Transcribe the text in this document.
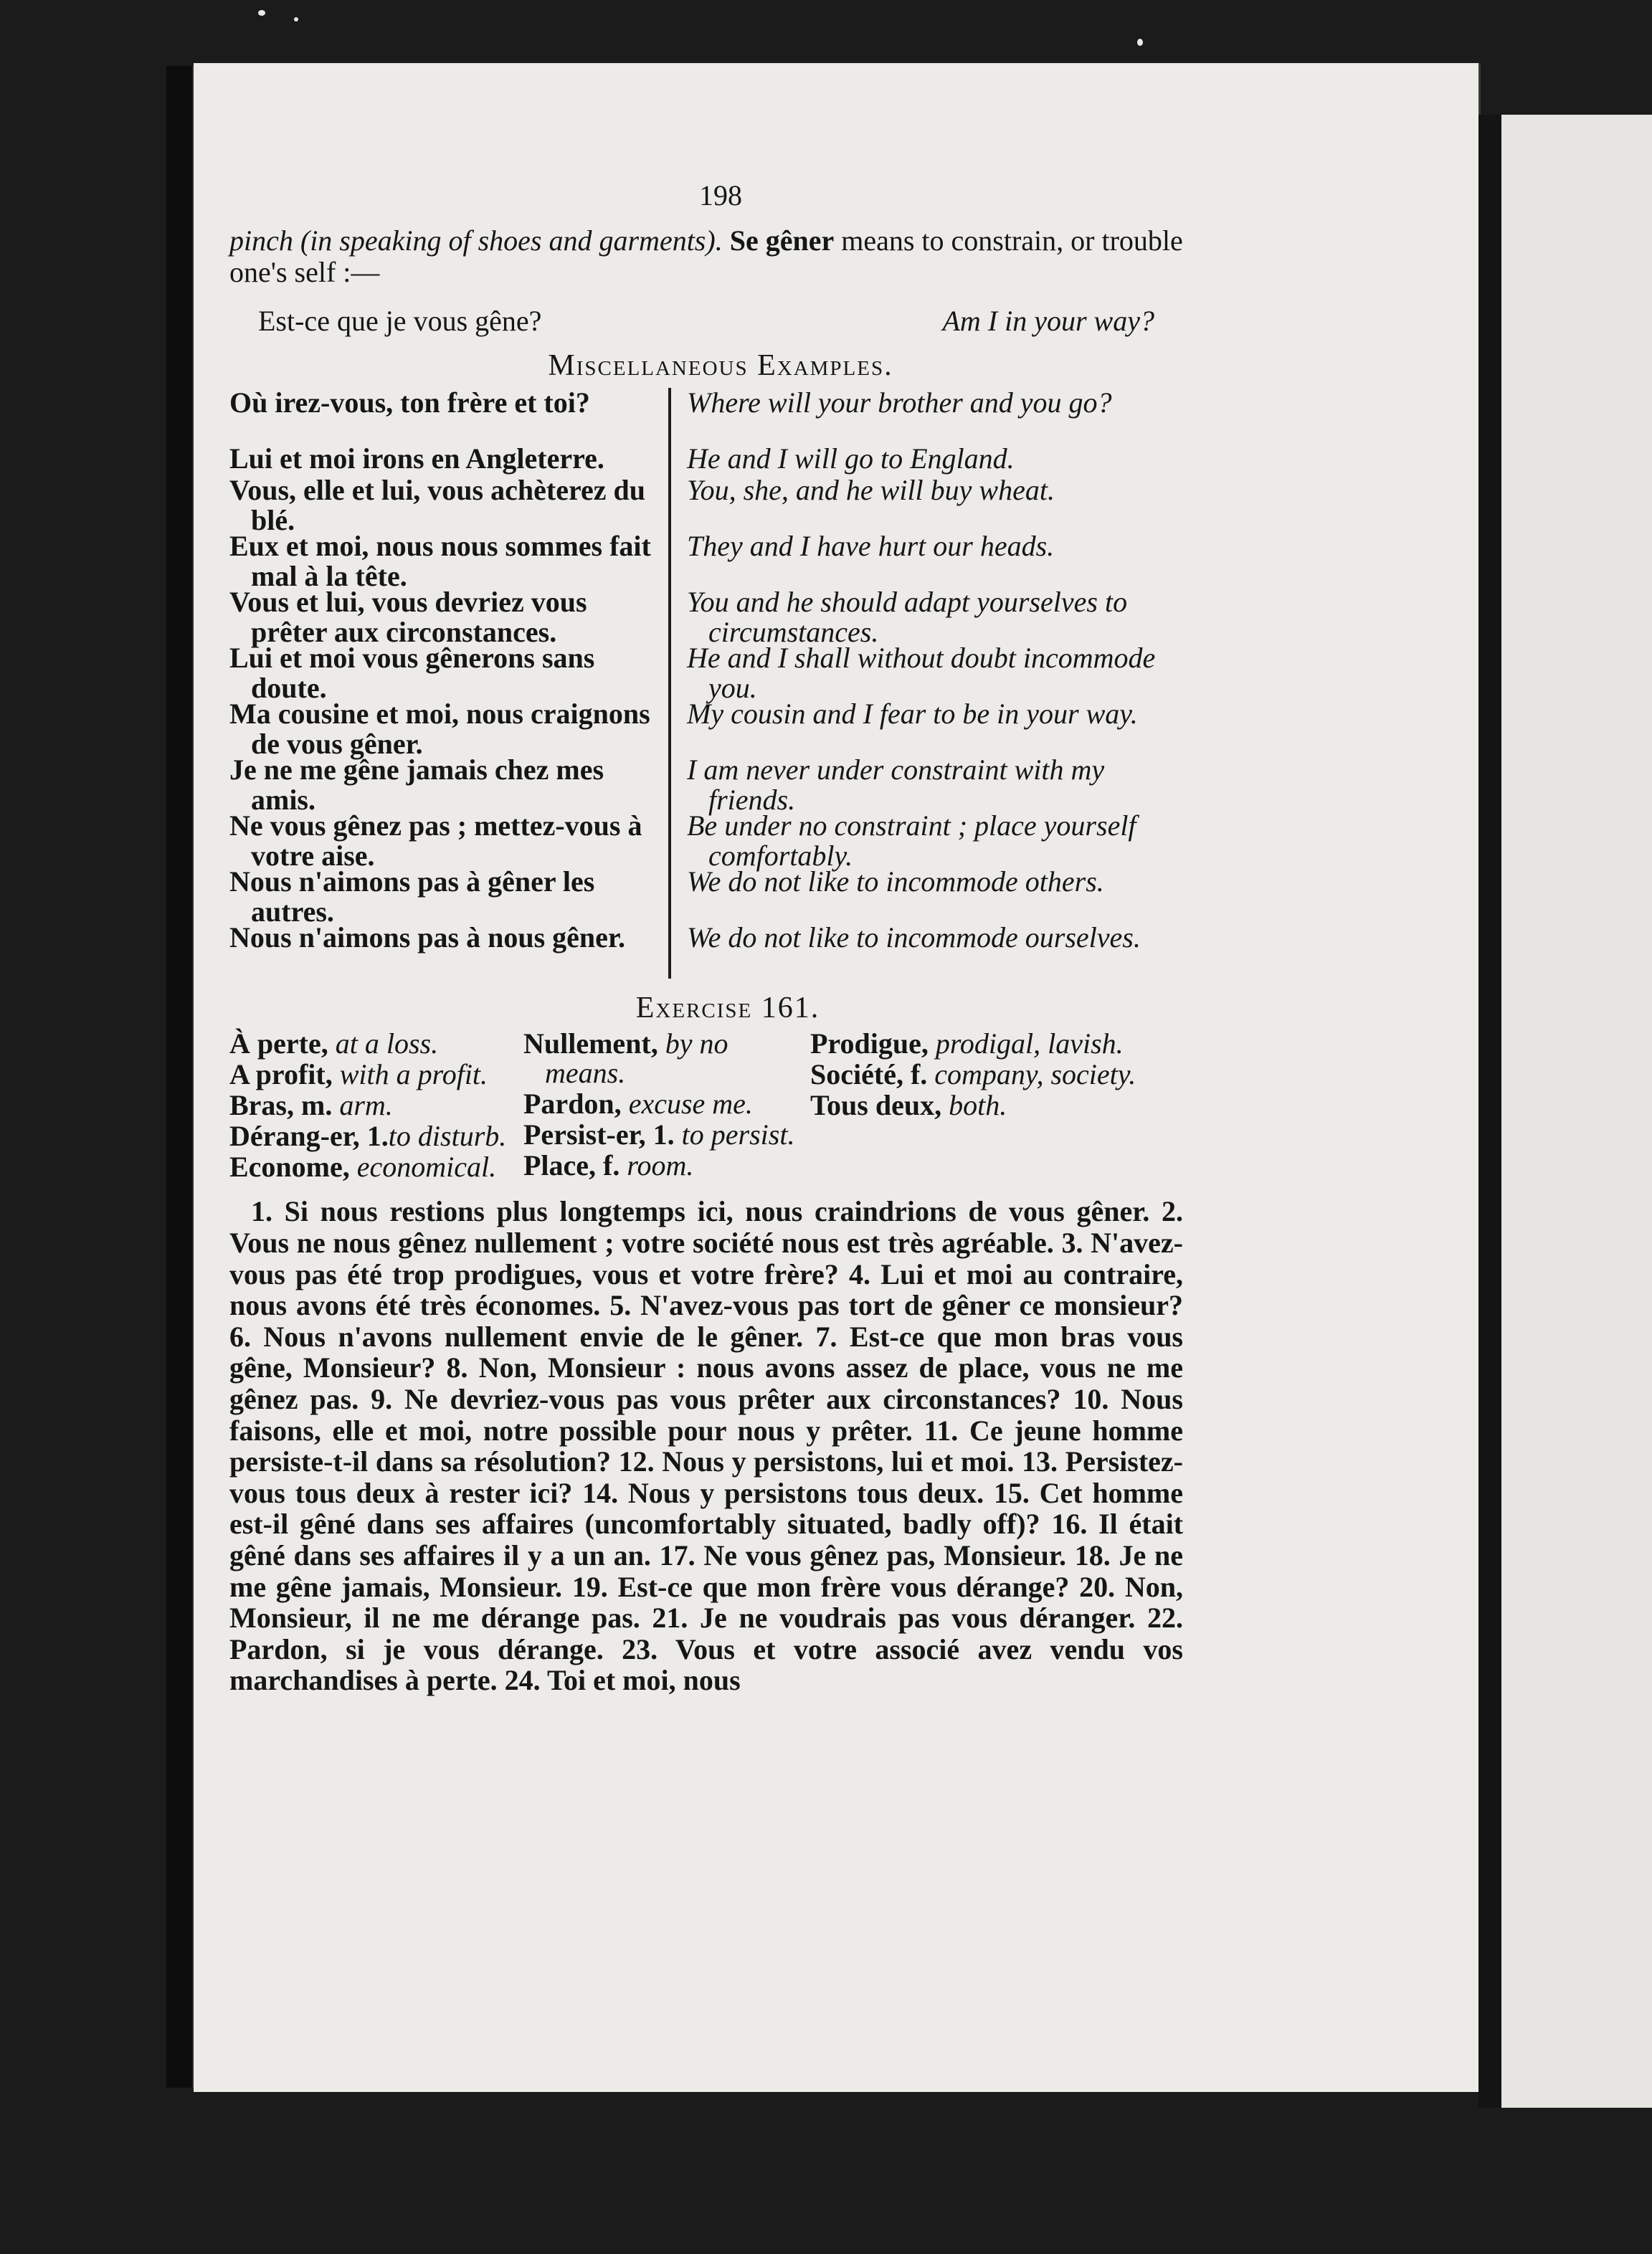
198

pinch (in speaking of shoes and garments). Se gêner means to constrain, or trouble one's self :—

Est-ce que je vous gêne?	Am I in your way?
Miscellaneous Examples.
Où irez-vous, ton frère et toi?
Lui et moi irons en Angleterre.
Vous, elle et lui, vous achèterez du blé.
Eux et moi, nous nous sommes fait mal à la tête.
Vous et lui, vous devriez vous prêter aux circonstances.
Lui et moi vous gênerons sans doute.
Ma cousine et moi, nous craignons de vous gêner.
Je ne me gêne jamais chez mes amis.
Ne vous gênez pas ; mettez-vous à votre aise.
Nous n'aimons pas à gêner les autres.
Nous n'aimons pas à nous gêner.
Where will your brother and you go?
He and I will go to England.
You, she, and he will buy wheat.
They and I have hurt our heads.
You and he should adapt yourselves to circumstances.
He and I shall without doubt incommode you.
My cousin and I fear to be in your way.
I am never under constraint with my friends.
Be under no constraint ; place yourself comfortably.
We do not like to incommode others.
We do not like to incommode ourselves.
Exercise 161.
À perte, at a loss.
A profit, with a profit.
Bras, m. arm.
Dérang-er, 1.to disturb.
Econome, economical.
Nullement, by no means.
Pardon, excuse me.
Persist-er, 1. to persist.
Place, f. room.
Prodigue, prodigal, lavish.
Société, f. company, society.
Tous deux, both.

1. Si nous restions plus longtemps ici, nous craindrions de vous gêner. 2. Vous ne nous gênez nullement ; votre société nous est très agréable. 3. N'avez-vous pas été trop prodigues, vous et votre frère? 4. Lui et moi au contraire, nous avons été très économes. 5. N'avez-vous pas tort de gêner ce monsieur? 6. Nous n'avons nullement envie de le gêner. 7. Est-ce que mon bras vous gêne, Monsieur? 8. Non, Monsieur : nous avons assez de place, vous ne me gênez pas. 9. Ne devriez-vous pas vous prêter aux circonstances? 10. Nous faisons, elle et moi, notre possible pour nous y prêter. 11. Ce jeune homme persiste-t-il dans sa résolution? 12. Nous y persistons, lui et moi. 13. Persistez-vous tous deux à rester ici? 14. Nous y persistons tous deux. 15. Cet homme est-il gêné dans ses affaires (uncomfortably situated, badly off)? 16. Il était gêné dans ses affaires il y a un an. 17. Ne vous gênez pas, Monsieur. 18. Je ne me gêne jamais, Monsieur. 19. Est-ce que mon frère vous dérange? 20. Non, Monsieur, il ne me dérange pas. 21. Je ne voudrais pas vous déranger. 22. Pardon, si je vous dérange. 23. Vous et votre associé avez vendu vos marchandises à perte. 24. Toi et moi, nous
